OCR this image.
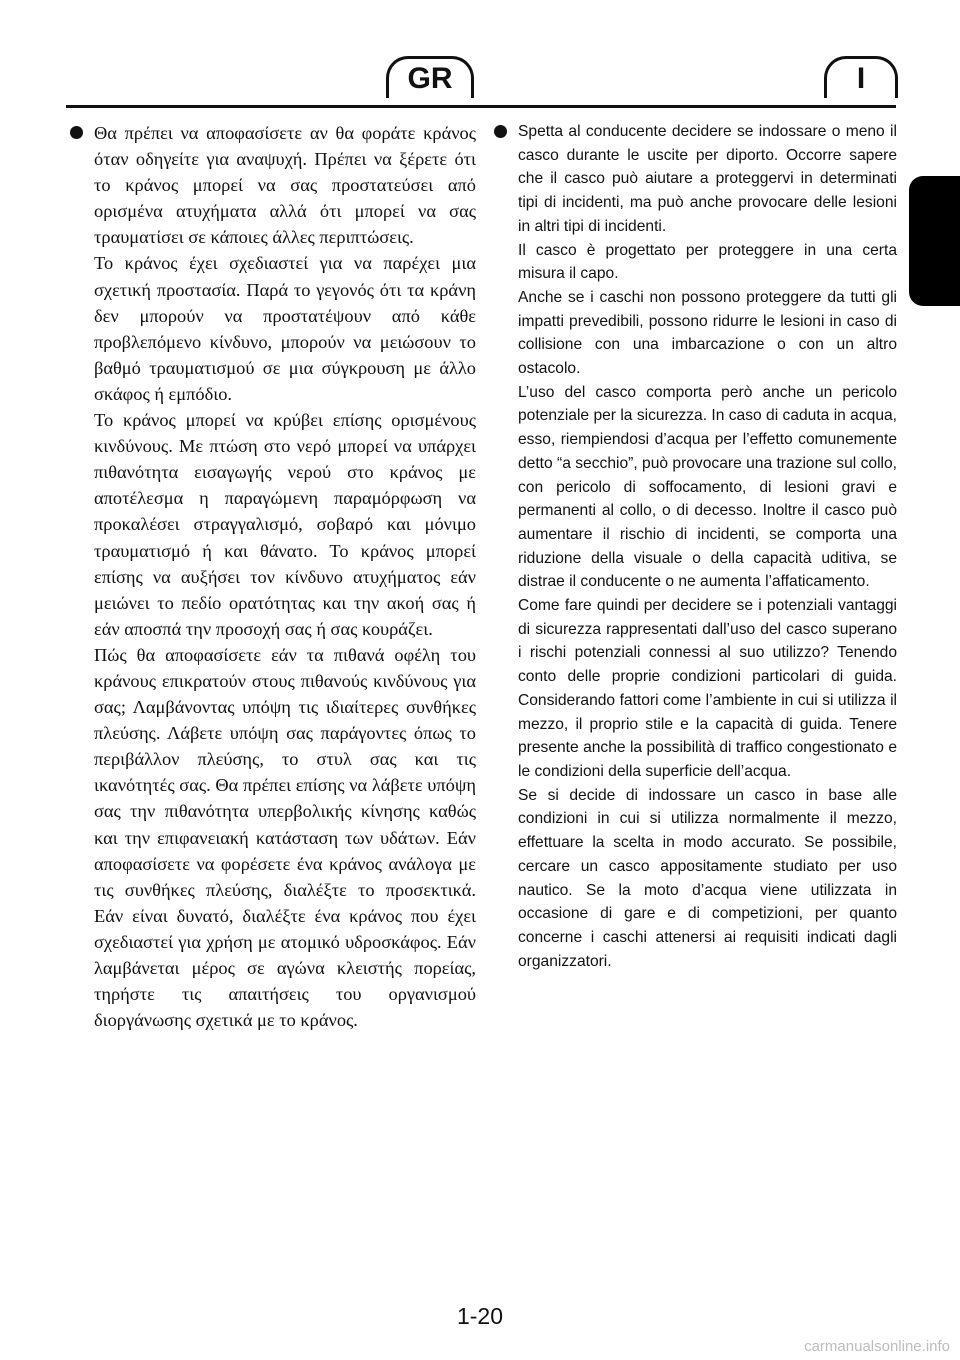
GR	I

Θα πρέπει να αποφασίσετε αν θα φοράτε κράνος όταν οδηγείτε για αναψυχή. Πρέπει να ξέρετε ότι το κράνος μπορεί να σας προστατεύσει από ορισμένα ατυχήματα αλλά ότι μπορεί να σας τραυματίσει σε κάποιες άλλες περιπτώσεις.

Το κράνος έχει σχεδιαστεί για να παρέχει μια σχετική προστασία. Παρά το γεγονός ότι τα κράνη δεν μπορούν να προστατέψουν από κάθε προβλεπόμενο κίνδυνο, μπορούν να μειώσουν το βαθμό τραυματισμού σε μια σύγκρουση με άλλο σκάφος ή εμπόδιο.

Το κράνος μπορεί να κρύβει επίσης ορισμένους κινδύνους. Με πτώση στο νερό μπορεί να υπάρχει πιθανότητα εισαγωγής νερού στο κράνος με αποτέλεσμα η παραγώμενη παραμόρφωση να προκαλέσει στραγγαλισμό, σοβαρό και μόνιμο τραυματισμό ή και θάνατο. Το κράνος μπορεί επίσης να αυξήσει τον κίνδυνο ατυχήματος εάν μειώνει το πεδίο ορατότητας και την ακοή σας ή εάν αποσπά την προσοχή σας ή σας κουράζει.

Πώς θα αποφασίσετε εάν τα πιθανά οφέλη του κράνους επικρατούν στους πιθανούς κινδύνους για σας; Λαμβάνοντας υπόψη τις ιδιαίτερες συνθήκες πλεύσης. Λάβετε υπόψη σας παράγοντες όπως το περιβάλλον πλεύσης, το στυλ σας και τις ικανότητές σας. Θα πρέπει επίσης να λάβετε υπόψη σας την πιθανότητα υπερβολικής κίνησης καθώς και την επιφανειακή κατάσταση των υδάτων. Εάν αποφασίσετε να φορέσετε ένα κράνος ανάλογα με τις συνθήκες πλεύσης, διαλέξτε το προσεκτικά. Εάν είναι δυνατό, διαλέξτε ένα κράνος που έχει σχεδιαστεί για χρήση με ατομικό υδροσκάφος. Εάν λαμβάνεται μέρος σε αγώνα κλειστής πορείας, τηρήστε τις απαιτήσεις του οργανισμού διοργάνωσης σχετικά με το κράνος.

Spetta al conducente decidere se indossare o meno il casco durante le uscite per diporto. Occorre sapere che il casco può aiutare a proteggervi in determinati tipi di incidenti, ma può anche provocare delle lesioni in altri tipi di incidenti.

Il casco è progettato per proteggere in una certa misura il capo.

Anche se i caschi non possono proteggere da tutti gli impatti prevedibili, possono ridurre le lesioni in caso di collisione con una imbarcazione o con un altro ostacolo.

L’uso del casco comporta però anche un pericolo potenziale per la sicurezza. In caso di caduta in acqua, esso, riempiendosi d’acqua per l’effetto comunemente detto “a secchio”, può provocare una trazione sul collo, con pericolo di soffocamento, di lesioni gravi e permanenti al collo, o di decesso. Inoltre il casco può aumentare il rischio di incidenti, se comporta una riduzione della visuale o della capacità uditiva, se distrae il conducente o ne aumenta l’affaticamento.

Come fare quindi per decidere se i potenziali vantaggi di sicurezza rappresentati dall’uso del casco superano i rischi potenziali connessi al suo utilizzo? Tenendo conto delle proprie condizioni particolari di guida. Considerando fattori come l’ambiente in cui si utilizza il mezzo, il proprio stile e la capacità di guida. Tenere presente anche la possibilità di traffico congestionato e le condizioni della superficie dell’acqua.

Se si decide di indossare un casco in base alle condizioni in cui si utilizza normalmente il mezzo, effettuare la scelta in modo accurato. Se possibile, cercare un casco appositamente studiato per uso nautico. Se la moto d’acqua viene utilizzata in occasione di gare e di competizioni, per quanto concerne i caschi attenersi ai requisiti indicati dagli organizzatori.

1-20
carmanualsonline.info
